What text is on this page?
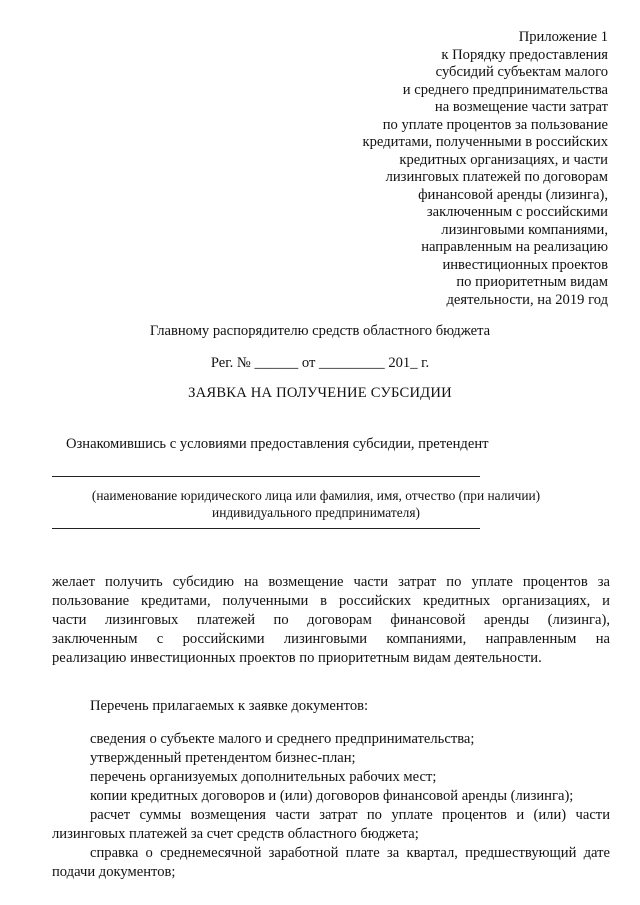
Приложение 1
к Порядку предоставления
субсидий субъектам малого
и среднего предпринимательства
на возмещение части затрат
по уплате процентов за пользование
кредитами, полученными в российских
кредитных организациях, и части
лизинговых платежей по договорам
финансовой аренды (лизинга),
заключенным с российскими
лизинговыми компаниями,
направленным на реализацию
инвестиционных проектов
по приоритетным видам
деятельности, на 2019 год
Главному распорядителю средств областного бюджета
Рег. № ______ от _________ 201_ г.
ЗАЯВКА НА ПОЛУЧЕНИЕ СУБСИДИИ
Ознакомившись с условиями предоставления субсидии, претендент
(наименование юридического лица или фамилия, имя, отчество (при наличии)
индивидуального предпринимателя)
желает получить субсидию на возмещение части затрат по уплате процентов за
пользование кредитами, полученными в российских кредитных организациях, и
части лизинговых платежей по договорам финансовой аренды (лизинга),
заключенным с российскими лизинговыми компаниями, направленным на
реализацию инвестиционных проектов по приоритетным видам деятельности.
Перечень прилагаемых к заявке документов:
сведения о субъекте малого и среднего предпринимательства;
утвержденный претендентом бизнес-план;
перечень организуемых дополнительных рабочих мест;
копии кредитных договоров и (или) договоров финансовой аренды (лизинга);
расчет суммы возмещения части затрат по уплате процентов и (или) части
лизинговых платежей за счет средств областного бюджета;
справка о среднемесячной заработной плате за квартал, предшествующий дате
подачи документов;
